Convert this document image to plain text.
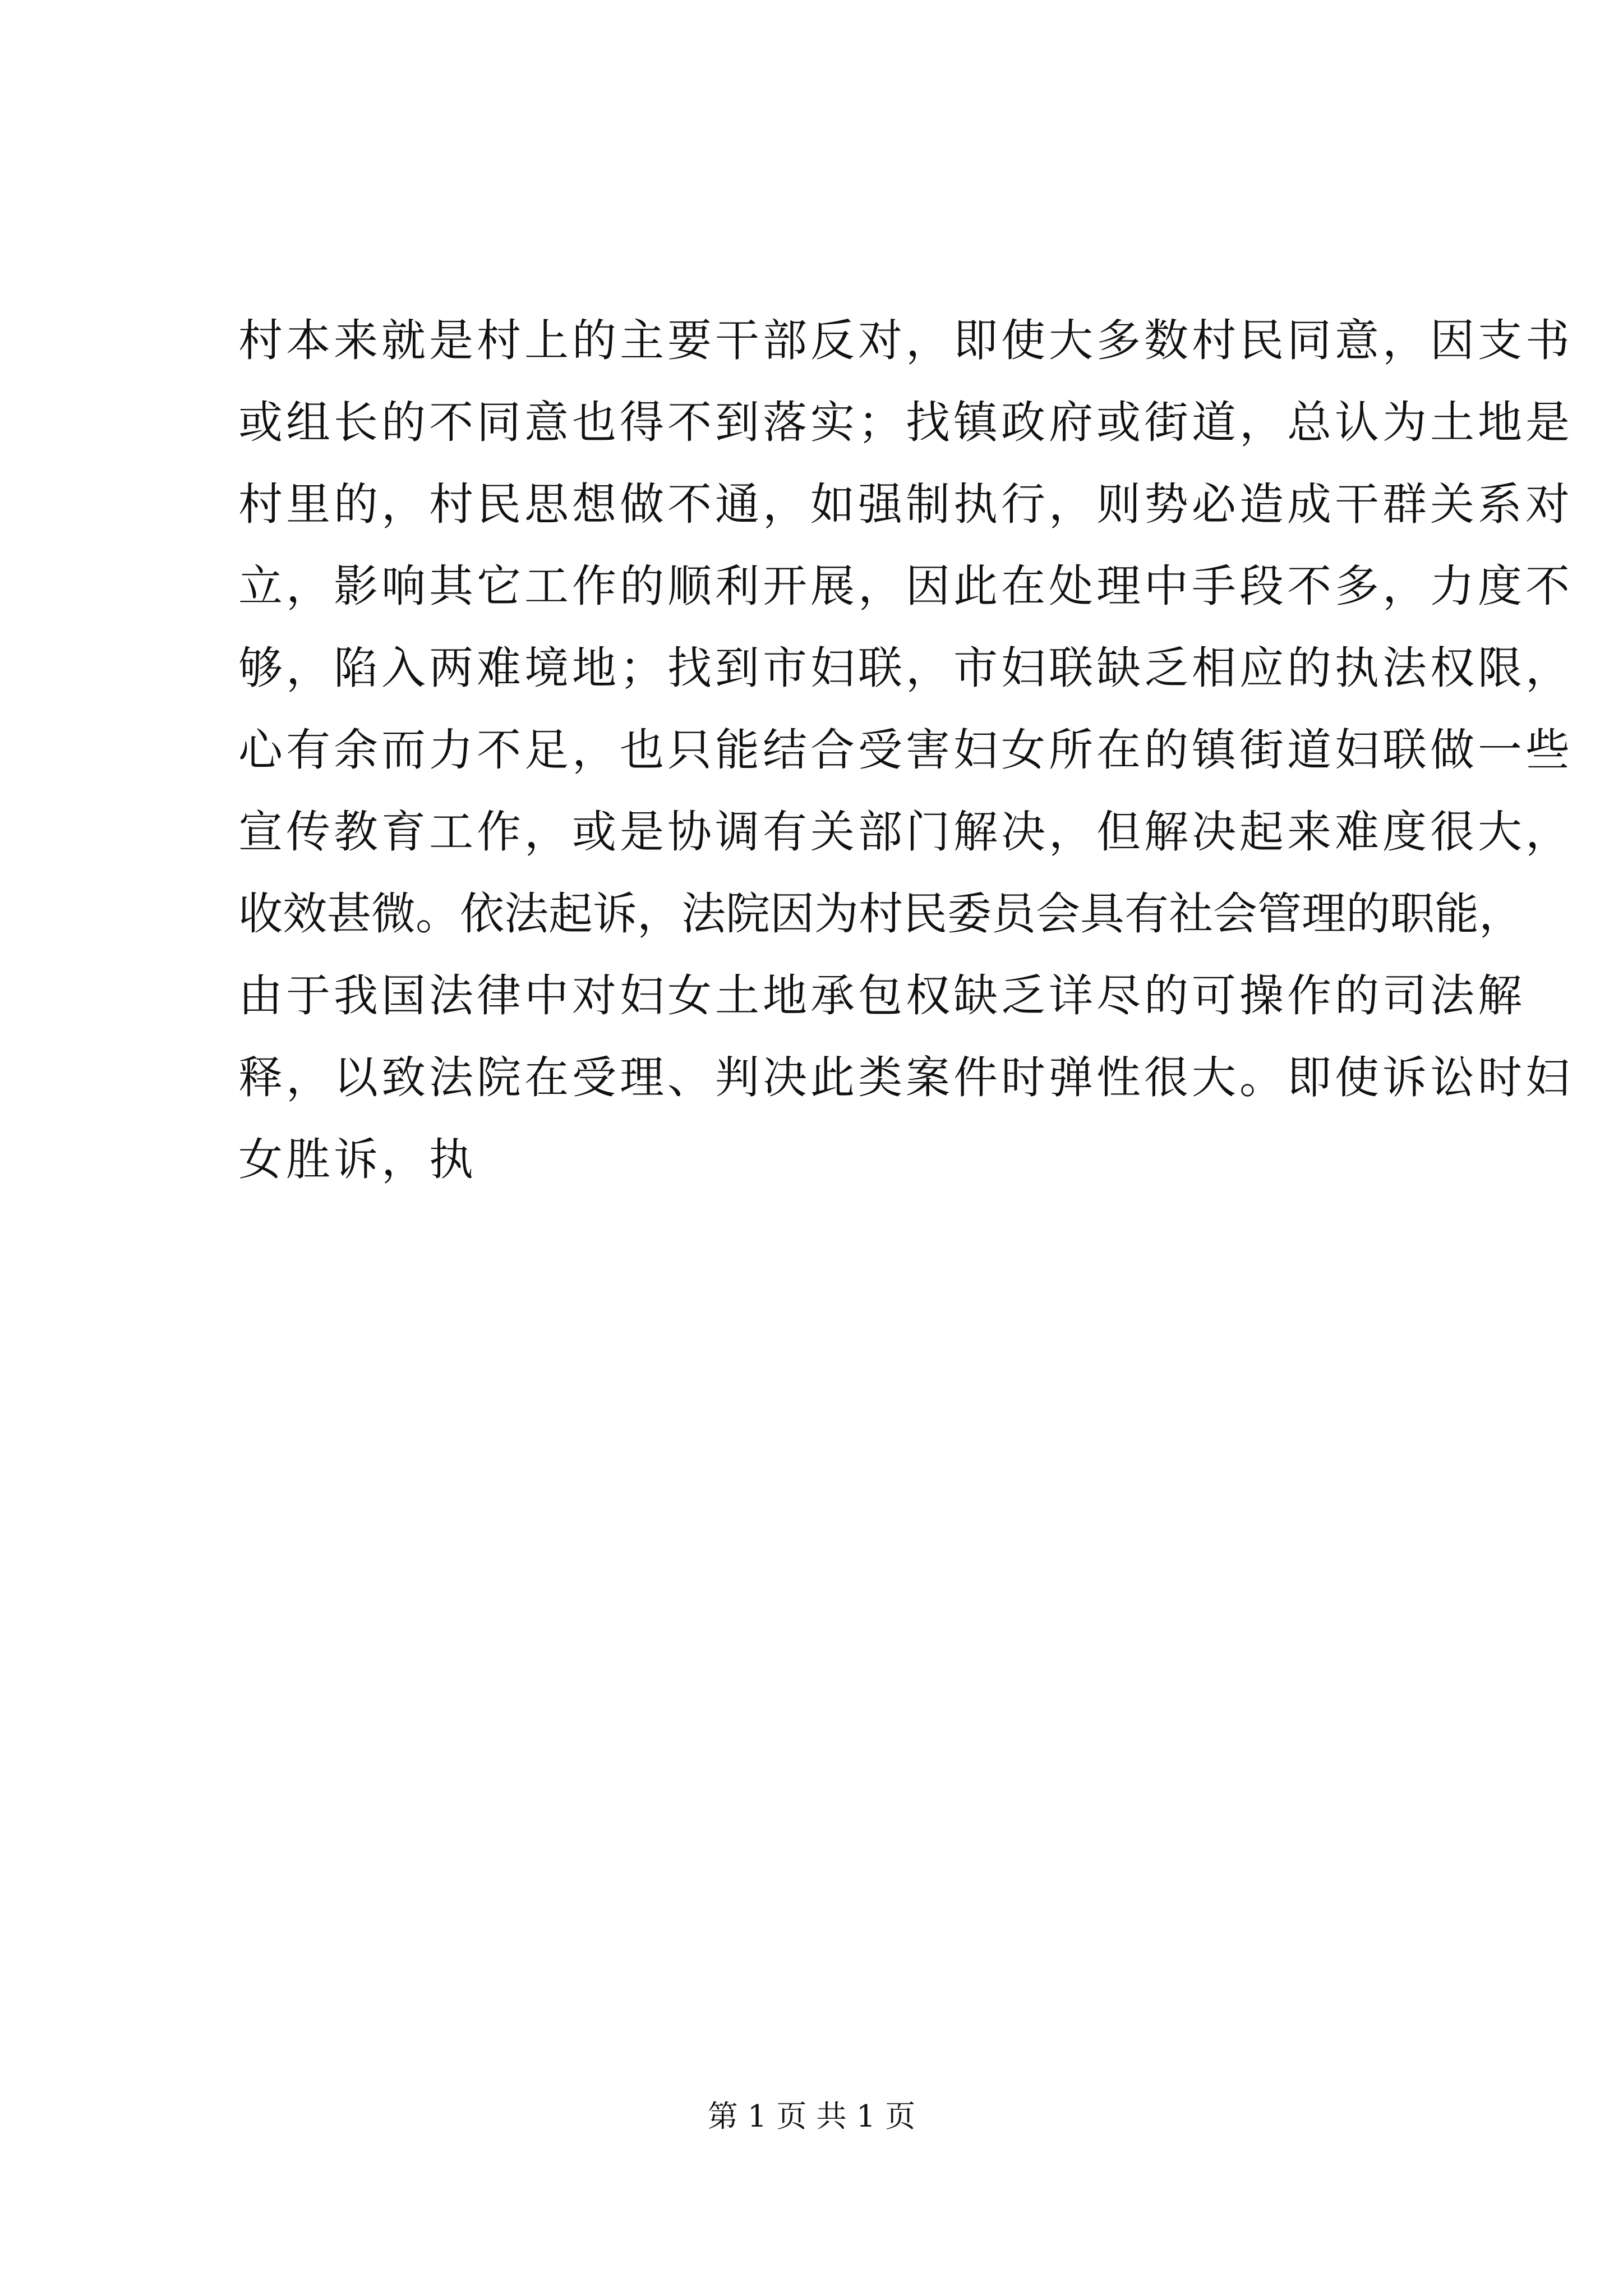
村本来就是村上的主要干部反对，即使大多数村民同意，因支书
或组长的不同意也得不到落实；找镇政府或街道，总认为土地是
村里的，村民思想做不通，如强制执行，则势必造成干群关系对
立，影响其它工作的顺利开展，因此在处理中手段不多，力度不
够，陷入两难境地；找到市妇联，市妇联缺乏相应的执法权限，
心有余而力不足，也只能结合受害妇女所在的镇街道妇联做一些
宣传教育工作，或是协调有关部门解决，但解决起来难度很大，
收效甚微。依法起诉，法院因为村民委员会具有社会管理的职能，
由于我国法律中对妇女土地承包权缺乏详尽的可操作的司法解
释，以致法院在受理、判决此类案件时弹性很大。即使诉讼时妇
女胜诉，执
第 1 页 共 1 页
